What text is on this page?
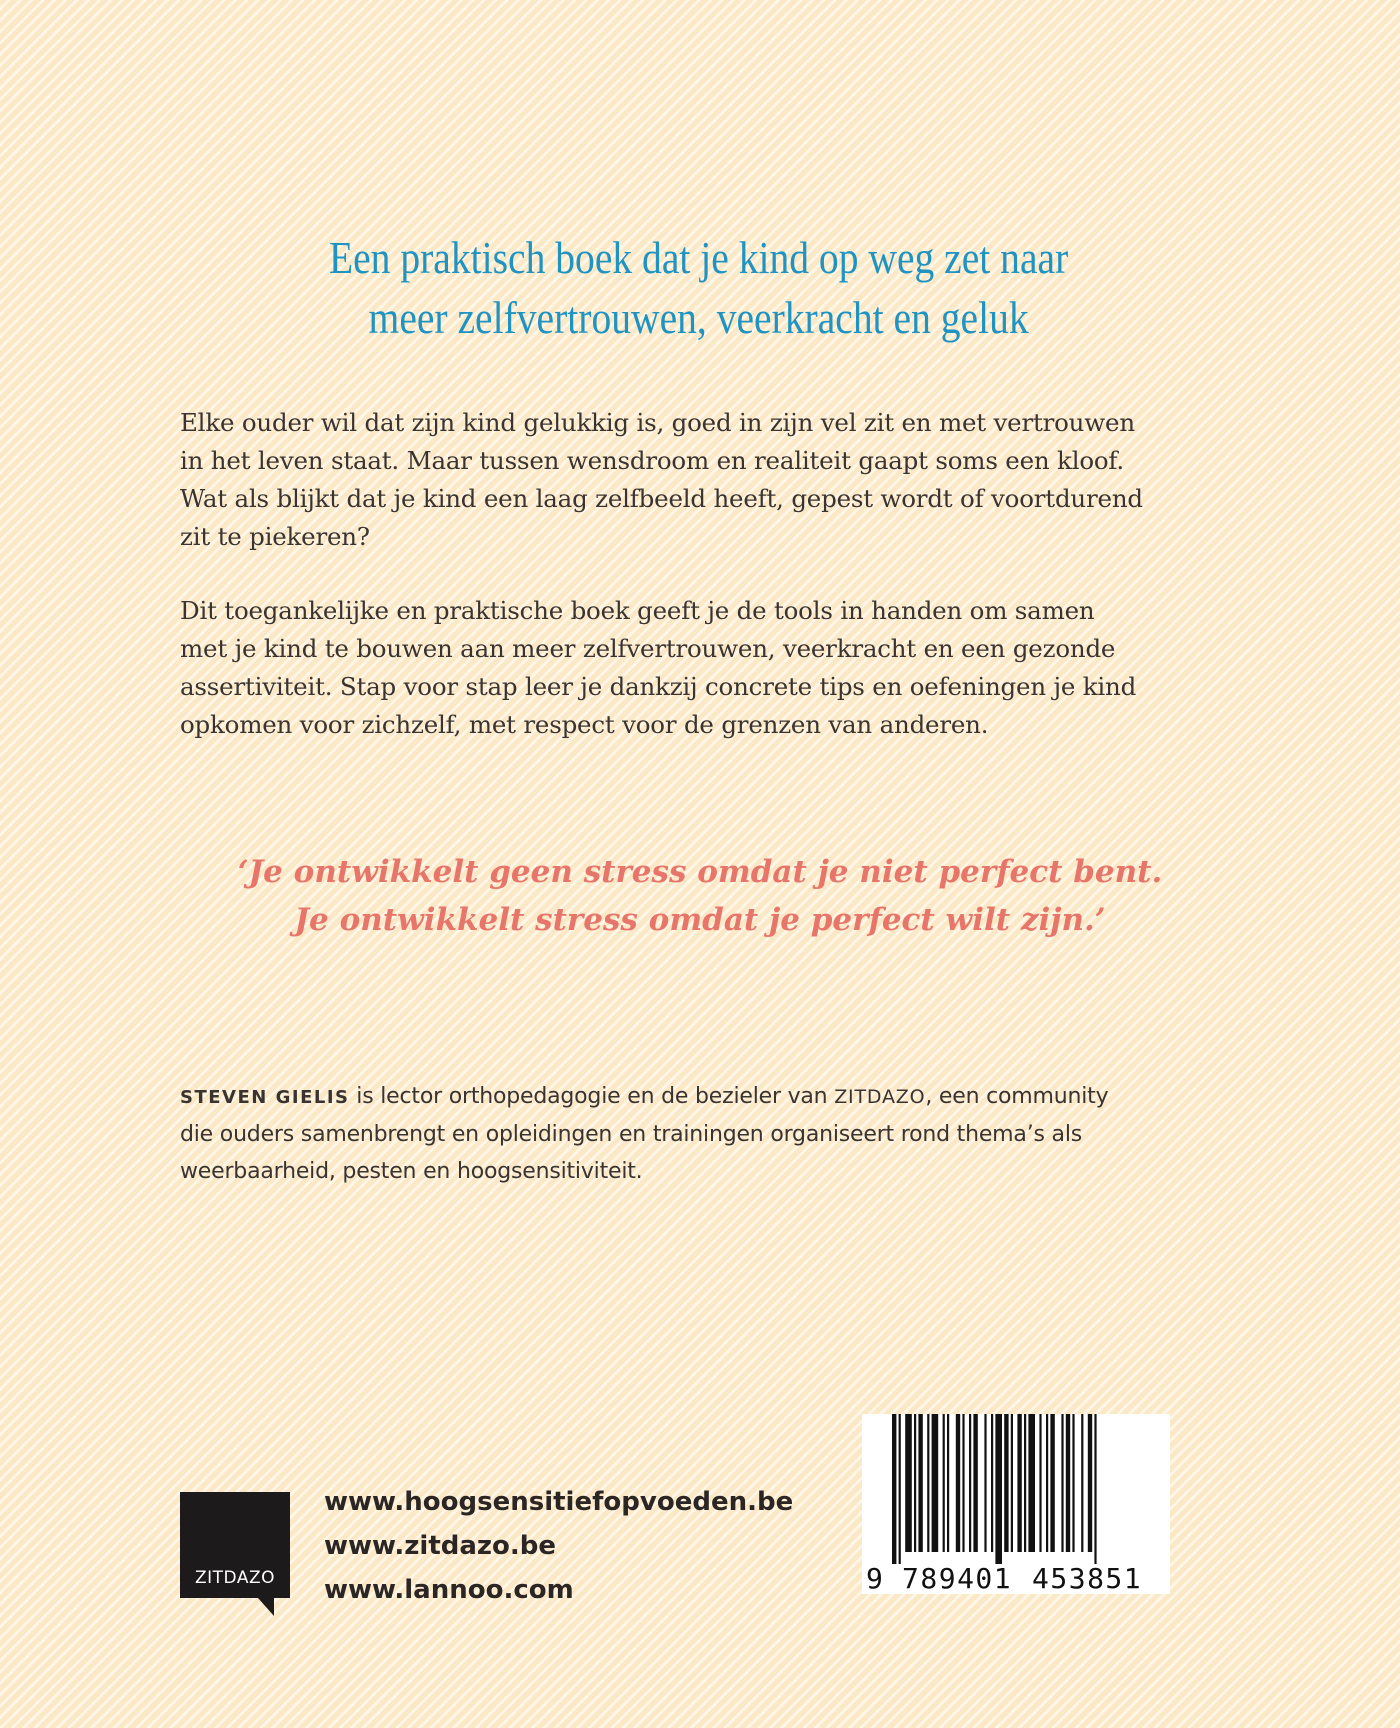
Een praktisch boek dat je kind op weg zet naar
meer zelfvertrouwen, veerkracht en geluk
Elke ouder wil dat zijn kind gelukkig is, goed in zijn vel zit en met vertrouwen
in het leven staat. Maar tussen wensdroom en realiteit gaapt soms een kloof.
Wat als blijkt dat je kind een laag zelfbeeld heeft, gepest wordt of voortdurend
zit te piekeren?
Dit toegankelijke en praktische boek geeft je de tools in handen om samen
met je kind te bouwen aan meer zelfvertrouwen, veerkracht en een gezonde
assertiviteit. Stap voor stap leer je dankzij concrete tips en oefeningen je kind
opkomen voor zichzelf, met respect voor de grenzen van anderen.
‘Je ontwikkelt geen stress omdat je niet perfect bent.
Je ontwikkelt stress omdat je perfect wilt zijn.’
STEVEN GIELIS is lector orthopedagogie en de bezieler van ZITDAZO, een community
die ouders samenbrengt en opleidingen en trainingen organiseert rond thema’s als
weerbaarheid, pesten en hoogsensitiviteit.
ZITDAZO
www.hoogsensitiefopvoeden.be
www.zitdazo.be
www.lannoo.com	9 789401 453851
